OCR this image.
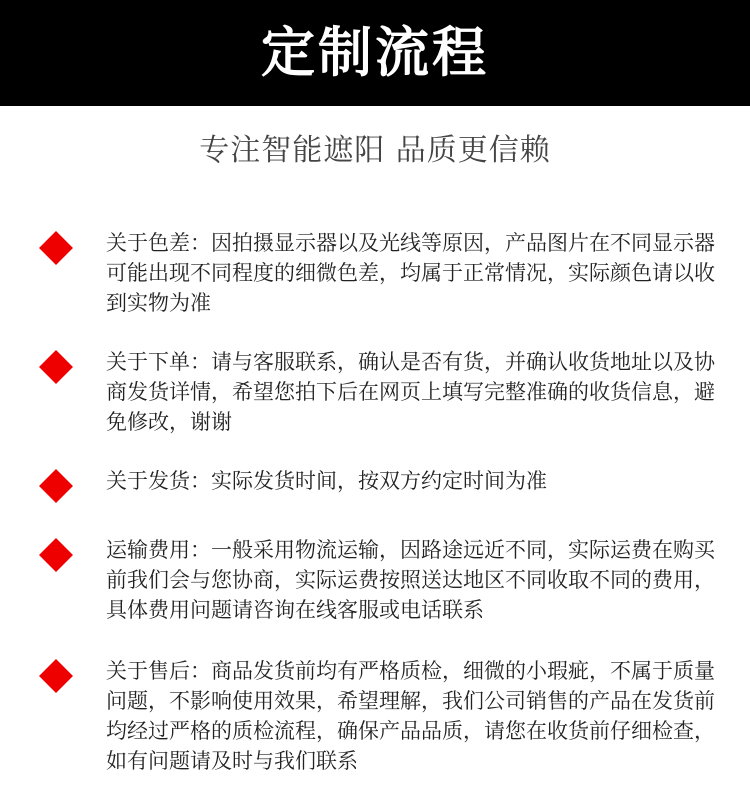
定制流程
专注智能遮阳 品质更信赖
关于色差：因拍摄显示器以及光线等原因，产品图片在不同显示器可能出现不同程度的细微色差，均属于正常情况，实际颜色请以收到实物为准
关于下单：请与客服联系，确认是否有货，并确认收货地址以及协商发货详情，希望您拍下后在网页上填写完整准确的收货信息，避免修改，谢谢
关于发货：实际发货时间，按双方约定时间为准
运输费用：一般采用物流运输，因路途远近不同，实际运费在购买前我们会与您协商，实际运费按照送达地区不同收取不同的费用，具体费用问题请咨询在线客服或电话联系
关于售后：商品发货前均有严格质检，细微的小瑕疵，不属于质量问题，不影响使用效果，希望理解，我们公司销售的产品在发货前均经过严格的质检流程，确保产品品质，请您在收货前仔细检查，如有问题请及时与我们联系
